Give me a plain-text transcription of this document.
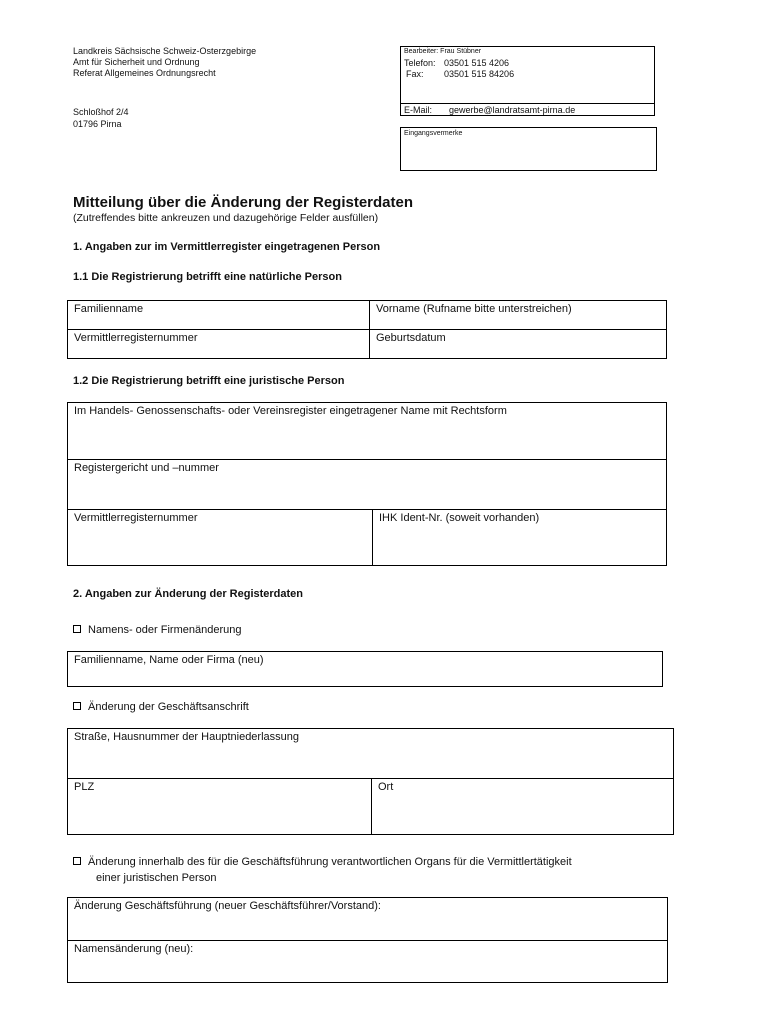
Landkreis Sächsische Schweiz-Osterzgebirge
Amt für Sicherheit und Ordnung
Referat Allgemeines Ordnungsrecht
Schloßhof 2/4
01796 Pirna
Bearbeiter: Frau Stübner
Telefon: 03501 515 4206
Fax: 03501 515 84206
E-Mail: gewerbe@landratsamt-pirna.de
Eingangsvermerke
Mitteilung über die Änderung der Registerdaten
(Zutreffendes bitte ankreuzen und dazugehörige Felder ausfüllen)
1. Angaben zur im Vermittlerregister eingetragenen Person
1.1 Die Registrierung betrifft eine natürliche Person
Familienname	Vorname (Rufname bitte unterstreichen)
Vermittlerregisternummer	Geburtsdatum
1.2 Die Registrierung betrifft eine juristische Person
Im Handels- Genossenschafts- oder Vereinsregister eingetragener Name mit Rechtsform
Registergericht und –nummer
Vermittlerregisternummer	IHK Ident-Nr. (soweit vorhanden)
2. Angaben zur Änderung der Registerdaten
Namens- oder Firmenänderung
Familienname, Name oder Firma (neu)
Änderung der Geschäftsanschrift
Straße, Hausnummer der Hauptniederlassung
PLZ	Ort
Änderung innerhalb des für die Geschäftsführung verantwortlichen Organs für die Vermittlertätigkeit
einer juristischen Person
Änderung Geschäftsführung (neuer Geschäftsführer/Vorstand):
Namensänderung (neu):
